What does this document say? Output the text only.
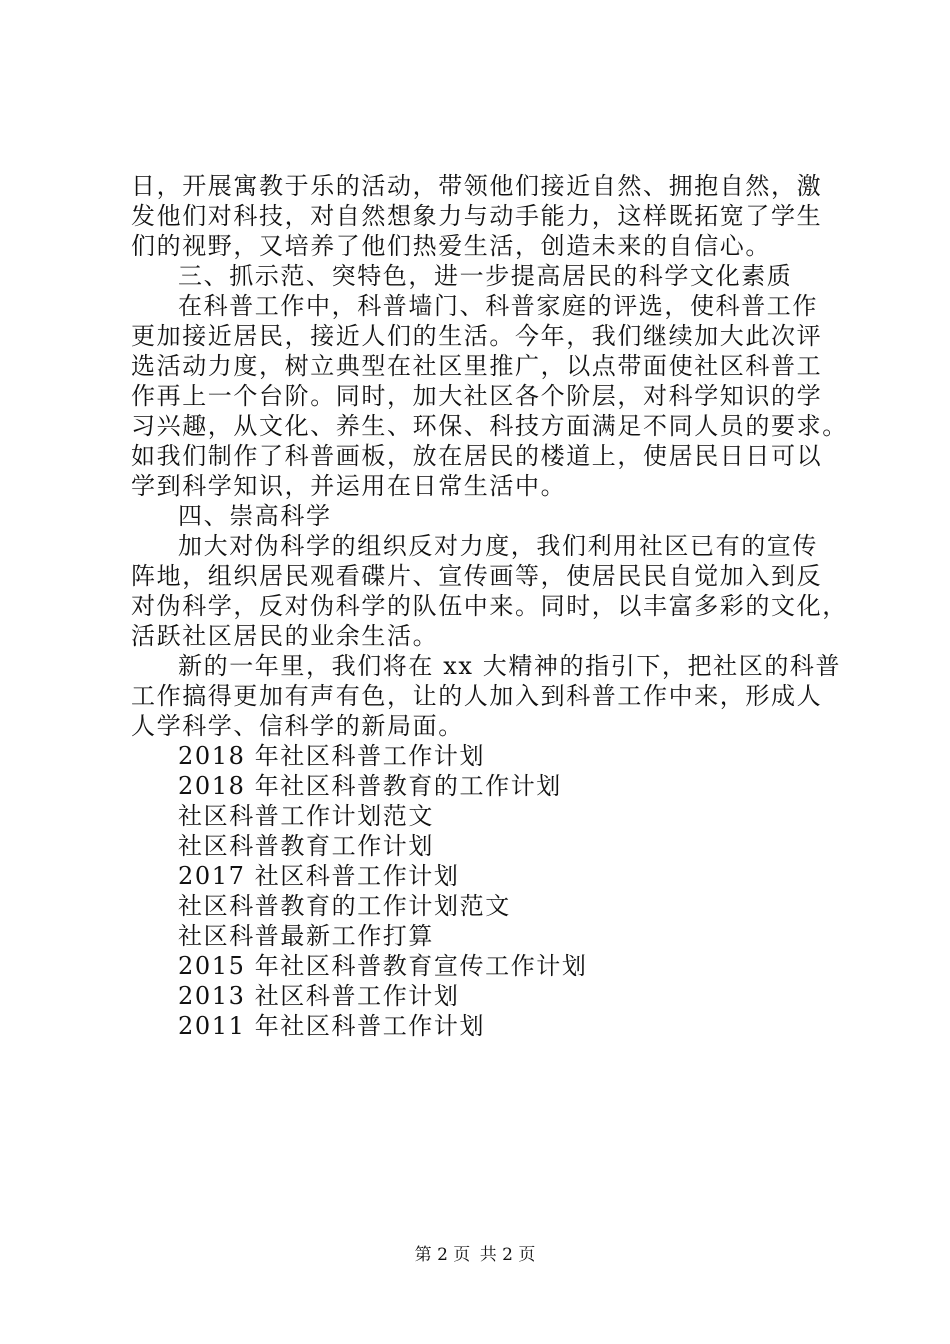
日，开展寓教于乐的活动，带领他们接近自然、拥抱自然，激
发他们对科技，对自然想象力与动手能力，这样既拓宽了学生
们的视野，又培养了他们热爱生活，创造未来的自信心。
三、抓示范、突特色，进一步提高居民的科学文化素质
在科普工作中，科普墙门、科普家庭的评选，使科普工作
更加接近居民，接近人们的生活。今年，我们继续加大此次评
选活动力度，树立典型在社区里推广，以点带面使社区科普工
作再上一个台阶。同时，加大社区各个阶层，对科学知识的学
习兴趣，从文化、养生、环保、科技方面满足不同人员的要求。
如我们制作了科普画板，放在居民的楼道上，使居民日日可以
学到科学知识，并运用在日常生活中。
四、崇高科学
加大对伪科学的组织反对力度，我们利用社区已有的宣传
阵地，组织居民观看碟片、宣传画等，使居民民自觉加入到反
对伪科学，反对伪科学的队伍中来。同时，以丰富多彩的文化，
活跃社区居民的业余生活。
新的一年里，我们将在 xx 大精神的指引下，把社区的科普
工作搞得更加有声有色，让的人加入到科普工作中来，形成人
人学科学、信科学的新局面。
2018 年社区科普工作计划
2018 年社区科普教育的工作计划
社区科普工作计划范文
社区科普教育工作计划
2017 社区科普工作计划
社区科普教育的工作计划范文
社区科普最新工作打算
2015 年社区科普教育宣传工作计划
2013 社区科普工作计划
2011 年社区科普工作计划
第 2 页 共 2 页
